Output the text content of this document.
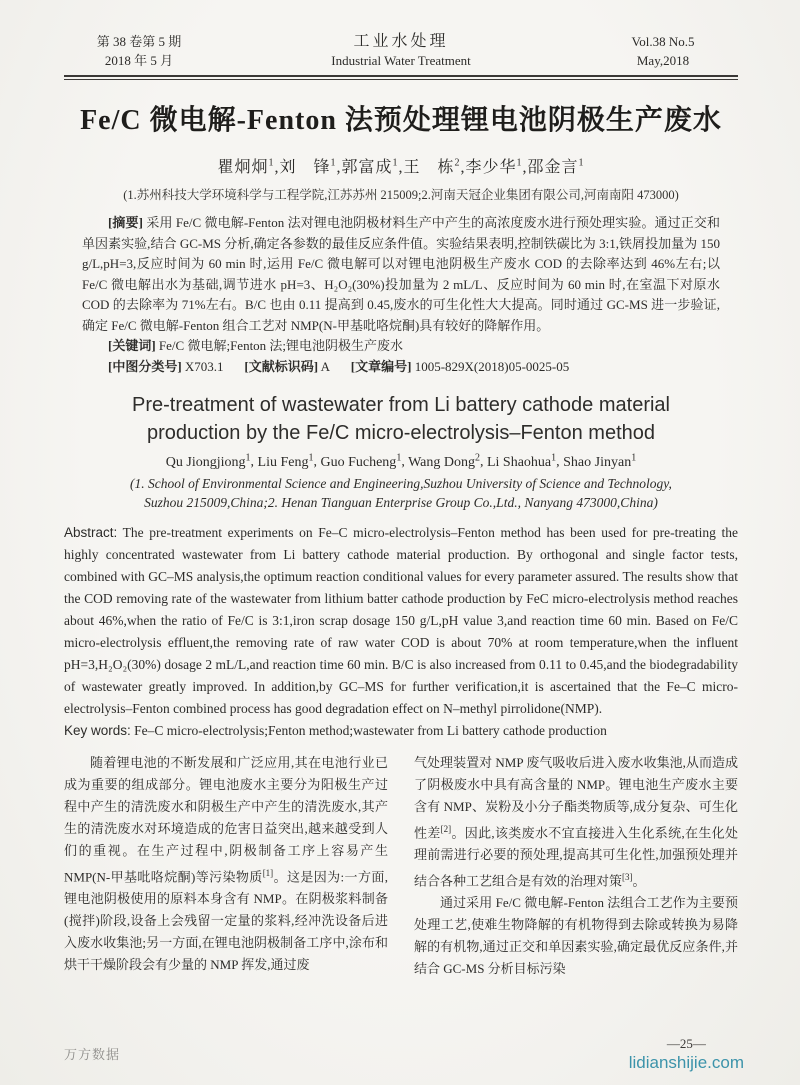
第 38 卷第 5 期
2018 年 5 月
工业水处理
Industrial Water Treatment
Vol.38 No.5
May,2018
Fe/C 微电解-Fenton 法预处理锂电池阴极生产废水
瞿炯炯$^1$,刘　锋$^1$,郭富成$^1$,王　栋$^2$,李少华$^1$,邵金言$^1$
(1.苏州科技大学环境科学与工程学院,江苏苏州 215009;2.河南天冠企业集团有限公司,河南南阳 473000)

[摘要] 采用 Fe/C 微电解-Fenton 法对锂电池阴极材料生产中产生的高浓度废水进行预处理实验。通过正交和单因素实验,结合 GC-MS 分析,确定各参数的最佳反应条件值。实验结果表明,控制铁碳比为 3:1,铁屑投加量为 150 g/L,pH=3,反应时间为 60 min 时,运用 Fe/C 微电解可以对锂电池阴极生产废水 COD 的去除率达到 46%左右;以 Fe/C 微电解出水为基础,调节进水 pH=3、H₂O₂(30%)投加量为 2 mL/L、反应时间为 60 min 时,在室温下对原水 COD 的去除率为 71%左右。B/C 也由 0.11 提高到 0.45,废水的可生化性大大提高。同时通过 GC-MS 进一步验证,确定 Fe/C 微电解-Fenton 组合工艺对 NMP(N-甲基吡咯烷酮)具有较好的降解作用。

[关键词] Fe/C 微电解;Fenton 法;锂电池阴极生产废水

[中图分类号] X703.1 [文献标识码] A [文章编号] 1005-829X(2018)05-0025-05

Pre-treatment of wastewater from Li battery cathode material
production by the Fe/C micro-electrolysis–Fenton method
Qu Jiongjiong$^1$, Liu Feng$^1$, Guo Fucheng$^1$, Wang Dong$^2$, Li Shaohua$^1$, Shao Jinyan$^1$
(1. School of Environmental Science and Engineering,Suzhou University of Science and Technology,
Suzhou 215009,China;2. Henan Tianguan Enterprise Group Co.,Ltd., Nanyang 473000,China)

Abstract: The pre-treatment experiments on Fe–C micro-electrolysis–Fenton method has been used for pre-treating the highly concentrated wastewater from Li battery cathode material production. By orthogonal and single factor tests, combined with GC–MS analysis,the optimum reaction conditional values for every parameter assured. The results show that the COD removing rate of the wastewater from lithium batter cathode production by FeC micro-electrolysis method reaches about 46%,when the ratio of Fe/C is 3:1,iron scrap dosage 150 g/L,pH value 3,and reaction time 60 min. Based on Fe/C micro-electrolysis effluent,the removing rate of raw water COD is about 70% at room temperature,when the influent pH=3,H₂O₂(30%) dosage 2 mL/L,and reaction time 60 min. B/C is also increased from 0.11 to 0.45,and the biodegradability of wastewater greatly improved. In addition,by GC–MS for further verification,it is ascertained that the Fe–C micro-electrolysis–Fenton combined process has good degradation effect on N–methyl pirrolidone(NMP).

Key words: Fe–C micro-electrolysis;Fenton method;wastewater from Li battery cathode production

随着锂电池的不断发展和广泛应用,其在电池行业已成为重要的组成部分。锂电池废水主要分为阳极生产过程中产生的清洗废水和阴极生产中产生的清洗废水,其产生的清洗废水对环境造成的危害日益突出,越来越受到人们的重视。在生产过程中,阴极制备工序上容易产生 NMP(N-甲基吡咯烷酮)等污染物质[1]。这是因为:一方面,锂电池阴极使用的原料本身含有 NMP。在阴极浆料制备(搅拌)阶段,设备上会残留一定量的浆料,经冲洗设备后进入废水收集池;另一方面,在锂电池阴极制备工序中,涂布和烘干干燥阶段会有少量的 NMP 挥发,通过废

气处理装置对 NMP 废气吸收后进入废水收集池,从而造成了阴极废水中具有高含量的 NMP。锂电池生产废水主要含有 NMP、炭粉及小分子酯类物质等,成分复杂、可生化性差[2]。因此,该类废水不宜直接进入生化系统,在生化处理前需进行必要的预处理,提高其可生化性,加强预处理并结合各种工艺组合是有效的治理对策[3]。

通过采用 Fe/C 微电解-Fenton 法组合工艺作为主要预处理工艺,使难生物降解的有机物得到去除或转换为易降解的有机物,通过正交和单因素实验,确定最优反应条件,并结合 GC-MS 分析目标污染

万方数据
—25—
lidianshijie.com
